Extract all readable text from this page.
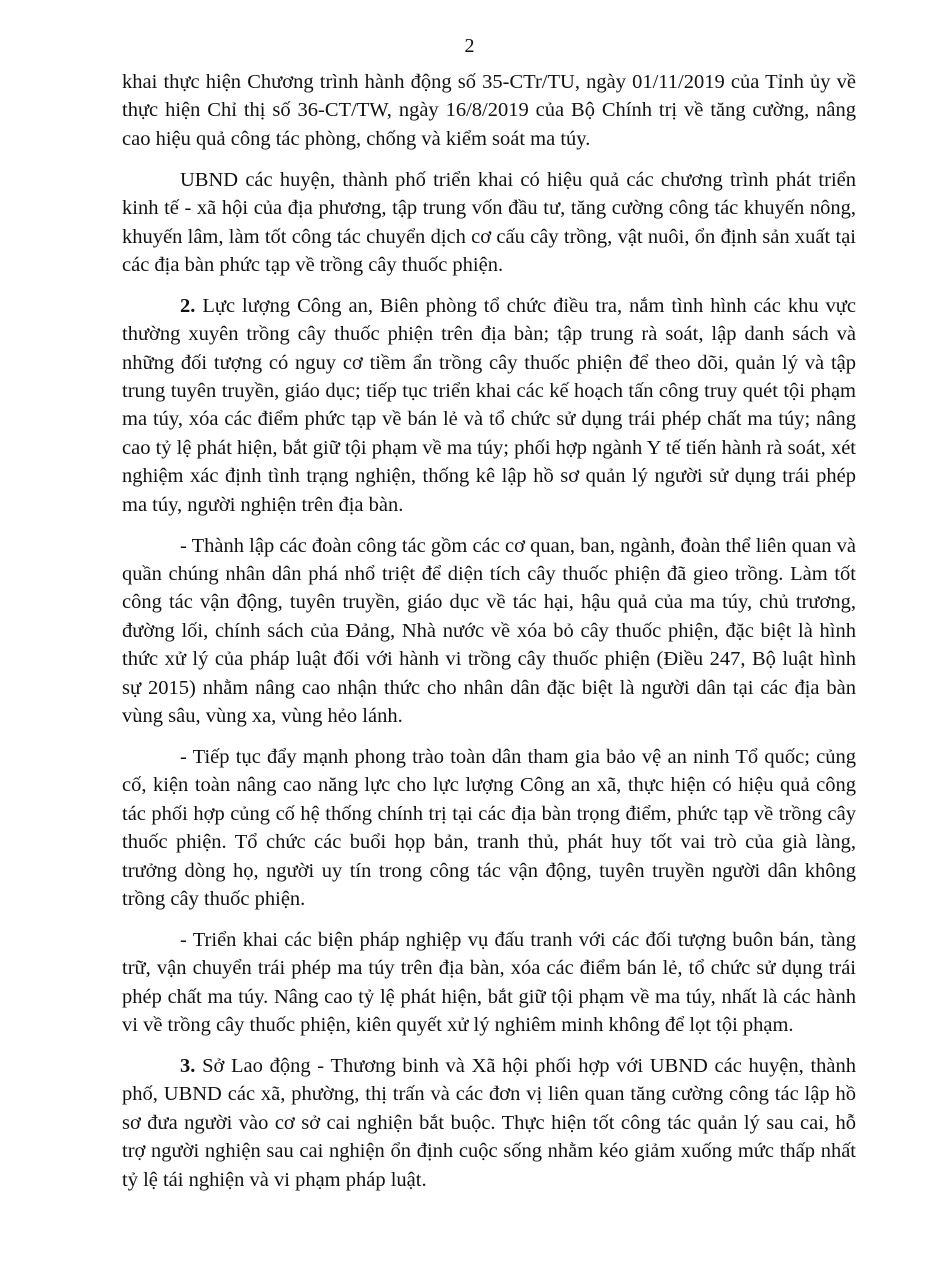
2

khai thực hiện Chương trình hành động số 35-CTr/TU, ngày 01/11/2019 của Tỉnh ủy về thực hiện Chỉ thị số 36-CT/TW, ngày 16/8/2019 của Bộ Chính trị về tăng cường, nâng cao hiệu quả công tác phòng, chống và kiểm soát ma túy.

UBND các huyện, thành phố triển khai có hiệu quả các chương trình phát triển kinh tế - xã hội của địa phương, tập trung vốn đầu tư, tăng cường công tác khuyến nông, khuyến lâm, làm tốt công tác chuyển dịch cơ cấu cây trồng, vật nuôi, ổn định sản xuất tại các địa bàn phức tạp về trồng cây thuốc phiện.

2. Lực lượng Công an, Biên phòng tổ chức điều tra, nắm tình hình các khu vực thường xuyên trồng cây thuốc phiện trên địa bàn; tập trung rà soát, lập danh sách và những đối tượng có nguy cơ tiềm ẩn trồng cây thuốc phiện để theo dõi, quản lý và tập trung tuyên truyền, giáo dục; tiếp tục triển khai các kế hoạch tấn công truy quét tội phạm ma túy, xóa các điểm phức tạp về bán lẻ và tổ chức sử dụng trái phép chất ma túy; nâng cao tỷ lệ phát hiện, bắt giữ tội phạm về ma túy; phối hợp ngành Y tế tiến hành rà soát, xét nghiệm xác định tình trạng nghiện, thống kê lập hồ sơ quản lý người sử dụng trái phép ma túy, người nghiện trên địa bàn.

- Thành lập các đoàn công tác gồm các cơ quan, ban, ngành, đoàn thể liên quan và quần chúng nhân dân phá nhổ triệt để diện tích cây thuốc phiện đã gieo trồng. Làm tốt công tác vận động, tuyên truyền, giáo dục về tác hại, hậu quả của ma túy, chủ trương, đường lối, chính sách của Đảng, Nhà nước về xóa bỏ cây thuốc phiện, đặc biệt là hình thức xử lý của pháp luật đối với hành vi trồng cây thuốc phiện (Điều 247, Bộ luật hình sự 2015) nhằm nâng cao nhận thức cho nhân dân đặc biệt là người dân tại các địa bàn vùng sâu, vùng xa, vùng hẻo lánh.

- Tiếp tục đẩy mạnh phong trào toàn dân tham gia bảo vệ an ninh Tổ quốc; củng cố, kiện toàn nâng cao năng lực cho lực lượng Công an xã, thực hiện có hiệu quả công tác phối hợp củng cố hệ thống chính trị tại các địa bàn trọng điểm, phức tạp về trồng cây thuốc phiện. Tổ chức các buổi họp bản, tranh thủ, phát huy tốt vai trò của già làng, trưởng dòng họ, người uy tín trong công tác vận động, tuyên truyền người dân không trồng cây thuốc phiện.

- Triển khai các biện pháp nghiệp vụ đấu tranh với các đối tượng buôn bán, tàng trữ, vận chuyển trái phép ma túy trên địa bàn, xóa các điểm bán lẻ, tổ chức sử dụng trái phép chất ma túy. Nâng cao tỷ lệ phát hiện, bắt giữ tội phạm về ma túy, nhất là các hành vi về trồng cây thuốc phiện, kiên quyết xử lý nghiêm minh không để lọt tội phạm.

3. Sở Lao động - Thương binh và Xã hội phối hợp với UBND các huyện, thành phố, UBND các xã, phường, thị trấn và các đơn vị liên quan tăng cường công tác lập hồ sơ đưa người vào cơ sở cai nghiện bắt buộc. Thực hiện tốt công tác quản lý sau cai, hỗ trợ người nghiện sau cai nghiện ổn định cuộc sống nhằm kéo giảm xuống mức thấp nhất tỷ lệ tái nghiện và vi phạm pháp luật.
